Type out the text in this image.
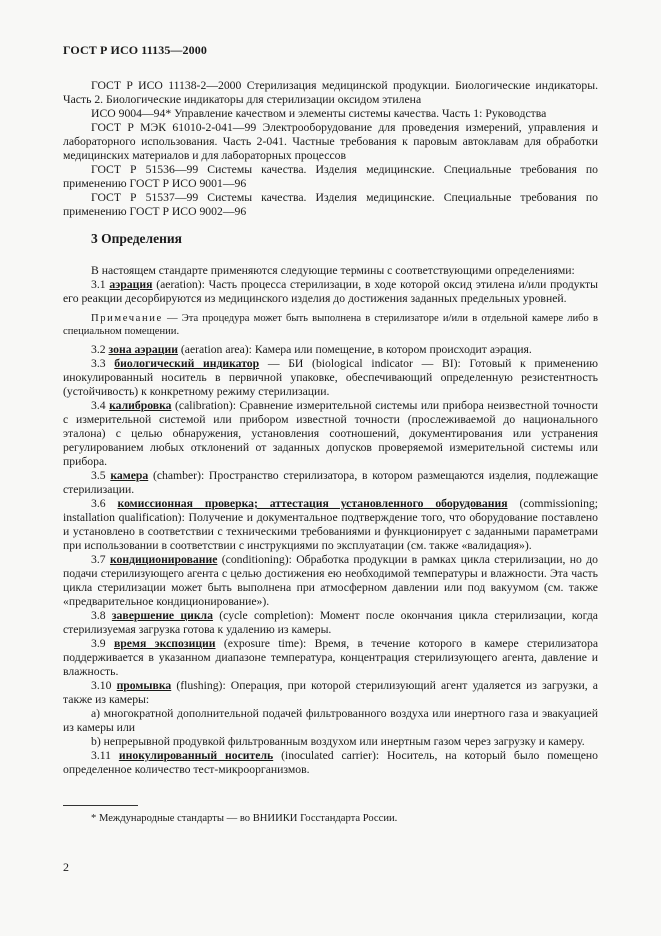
ГОСТ Р ИСО 11135—2000

ГОСТ Р ИСО 11138-2—2000 Стерилизация медицинской продукции. Биологические индикаторы. Часть 2. Биологические индикаторы для стерилизации оксидом этилена

ИСО 9004—94* Управление качеством и элементы системы качества. Часть 1: Руководства

ГОСТ Р МЭК 61010-2-041—99 Электрооборудование для проведения измерений, управления и лабораторного использования. Часть 2-041. Частные требования к паровым автоклавам для обработки медицинских материалов и для лабораторных процессов

ГОСТ Р 51536—99 Системы качества. Изделия медицинские. Специальные требования по применению ГОСТ Р ИСО 9001—96

ГОСТ Р 51537—99 Системы качества. Изделия медицинские. Специальные требования по применению ГОСТ Р ИСО 9002—96

3 Определения

В настоящем стандарте применяются следующие термины с соответствующими определениями:

3.1 аэрация (aeration): Часть процесса стерилизации, в ходе которой оксид этилена и/или продукты его реакции десорбируются из медицинского изделия до достижения заданных предельных уровней.

Примечание — Эта процедура может быть выполнена в стерилизаторе и/или в отдельной камере либо в специальном помещении.

3.2 зона аэрации (aeration area): Камера или помещение, в котором происходит аэрация.

3.3 биологический индикатор — БИ (biological indicator — BI): Готовый к применению инокулированный носитель в первичной упаковке, обеспечивающий определенную резистентность (устойчивость) к конкретному режиму стерилизации.

3.4 калибровка (calibration): Сравнение измерительной системы или прибора неизвестной точности с измерительной системой или прибором известной точности (прослеживаемой до национального эталона) с целью обнаружения, установления соотношений, документирования или устранения регулированием любых отклонений от заданных допусков проверяемой измерительной системы или прибора.

3.5 камера (chamber): Пространство стерилизатора, в котором размещаются изделия, подлежащие стерилизации.

3.6 комиссионная проверка; аттестация установленного оборудования (commissioning; installation qualification): Получение и документальное подтверждение того, что оборудование поставлено и установлено в соответствии с техническими требованиями и функционирует с заданными параметрами при использовании в соответствии с инструкциями по эксплуатации (см. также «валидация»).

3.7 кондиционирование (conditioning): Обработка продукции в рамках цикла стерилизации, но до подачи стерилизующего агента с целью достижения ею необходимой температуры и влажности. Эта часть цикла стерилизации может быть выполнена при атмосферном давлении или под вакуумом (см. также «предварительное кондиционирование»).

3.8 завершение цикла (cycle completion): Момент после окончания цикла стерилизации, когда стерилизуемая загрузка готова к удалению из камеры.

3.9 время экспозиции (exposure time): Время, в течение которого в камере стерилизатора поддерживается в указанном диапазоне температура, концентрация стерилизующего агента, давление и влажность.

3.10 промывка (flushing): Операция, при которой стерилизующий агент удаляется из загрузки, а также из камеры:

а) многократной дополнительной подачей фильтрованного воздуха или инертного газа и эвакуацией из камеры или

b) непрерывной продувкой фильтрованным воздухом или инертным газом через загрузку и камеру.

3.11 инокулированный носитель (inoculated carrier): Носитель, на который было помещено определенное количество тест-микроорганизмов.

* Международные стандарты — во ВНИИКИ Госстандарта России.
2
